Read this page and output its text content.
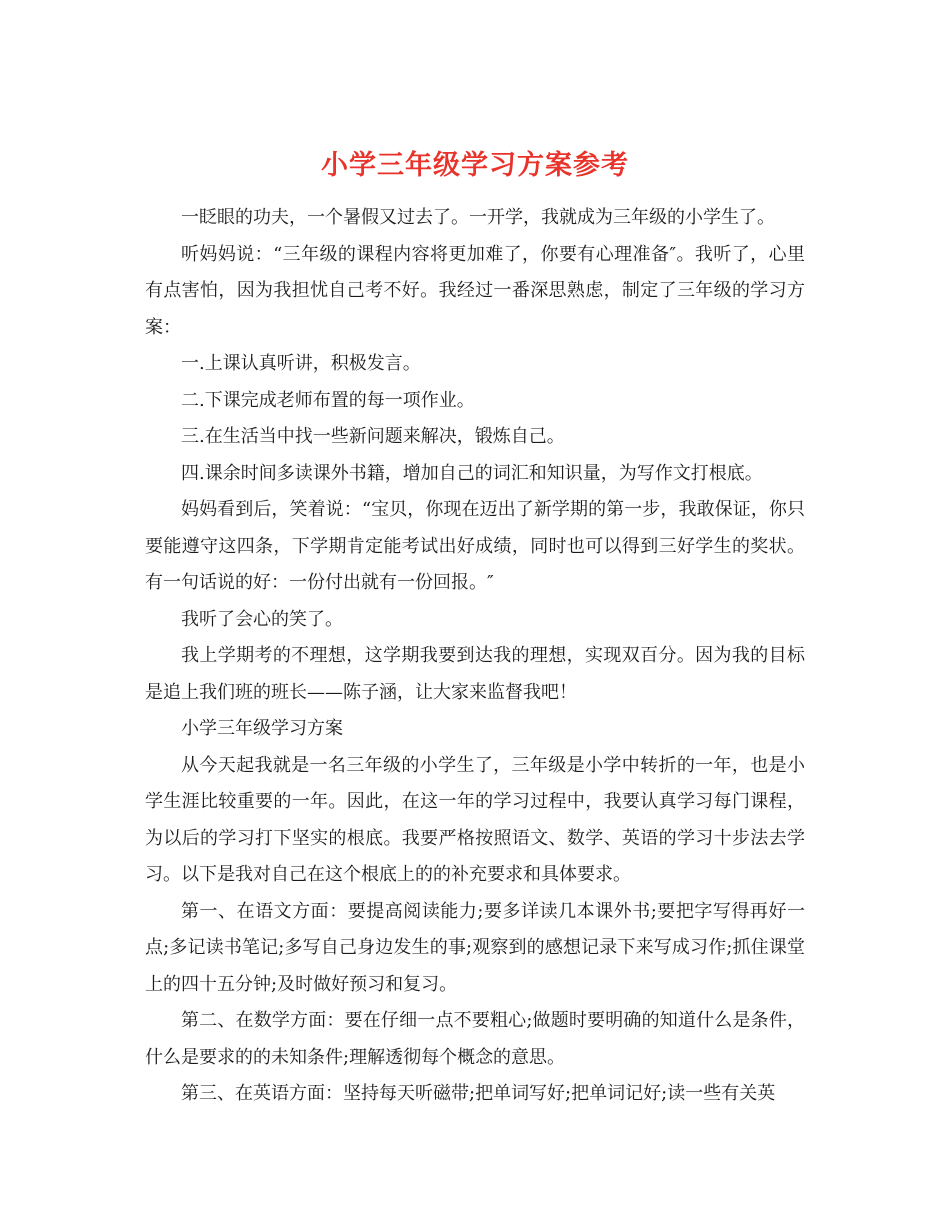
小学三年级学习方案参考

一眨眼的功夫，一个暑假又过去了。一开学，我就成为三年级的小学生了。

听妈妈说：“三年级的课程内容将更加难了，你要有心理准备″。我听了，心里有点害怕，因为我担忧自己考不好。我经过一番深思熟虑，制定了三年级的学习方案：

一.上课认真听讲，积极发言。

二.下课完成老师布置的每一项作业。

三.在生活当中找一些新问题来解决，锻炼自己。

四.课余时间多读课外书籍，增加自己的词汇和知识量，为写作文打根底。

妈妈看到后，笑着说：“宝贝，你现在迈出了新学期的第一步，我敢保证，你只要能遵守这四条，下学期肯定能考试出好成绩，同时也可以得到三好学生的奖状。有一句话说的好：一份付出就有一份回报。″

我听了会心的笑了。

我上学期考的不理想，这学期我要到达我的理想，实现双百分。因为我的目标是追上我们班的班长——陈子涵，让大家来监督我吧！

小学三年级学习方案

从今天起我就是一名三年级的小学生了，三年级是小学中转折的一年，也是小学生涯比较重要的一年。因此，在这一年的学习过程中，我要认真学习每门课程，为以后的学习打下坚实的根底。我要严格按照语文、数学、英语的学习十步法去学习。以下是我对自己在这个根底上的的补充要求和具体要求。

第一、在语文方面：要提高阅读能力;要多详读几本课外书;要把字写得再好一点;多记读书笔记;多写自己身边发生的事;观察到的感想记录下来写成习作;抓住课堂上的四十五分钟;及时做好预习和复习。

第二、在数学方面：要在仔细一点不要粗心;做题时要明确的知道什么是条件，什么是要求的的未知条件;理解透彻每个概念的意思。

第三、在英语方面：坚持每天听磁带;把单词写好;把单词记好;读一些有关英
